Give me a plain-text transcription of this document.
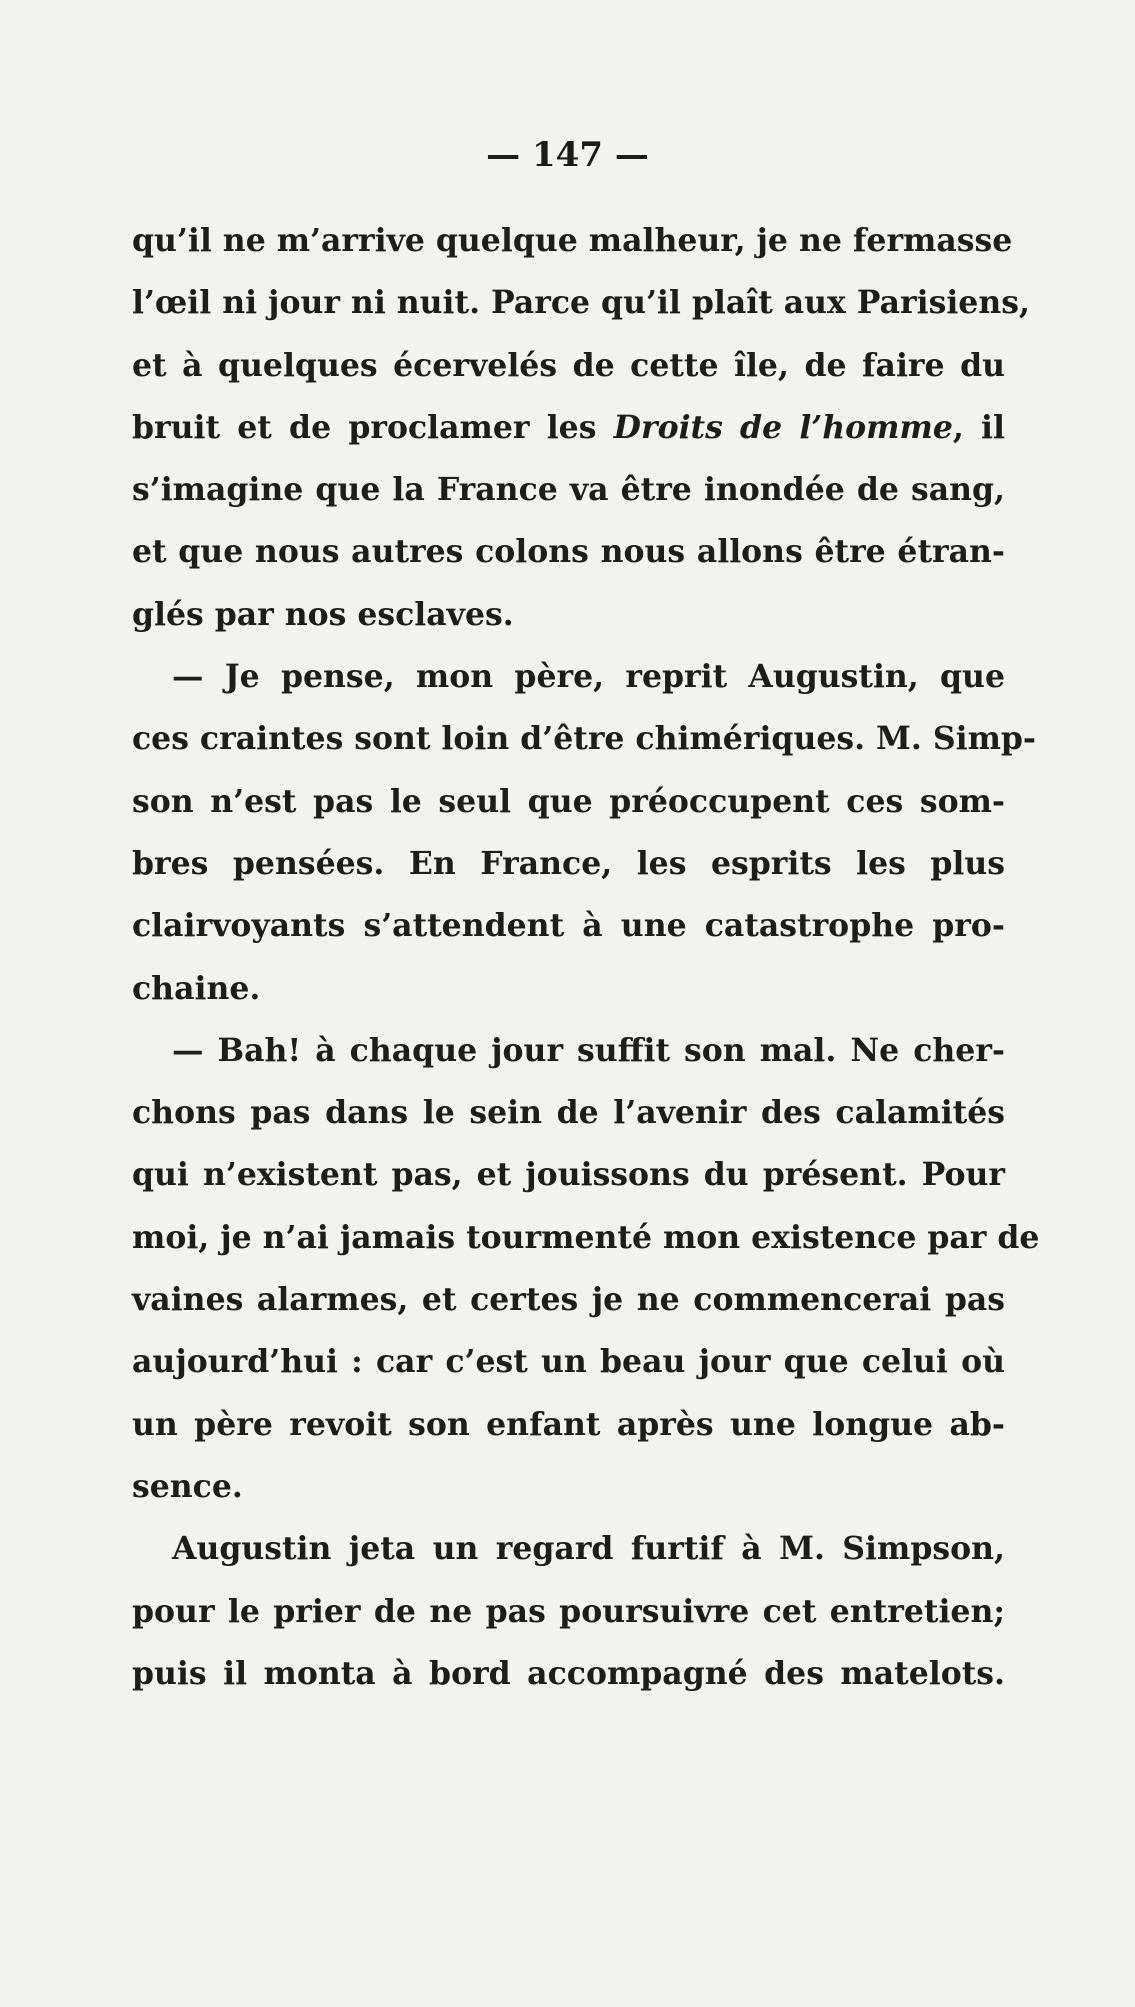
— 147 —
qu’il ne m’arrive quelque malheur, je ne fermasse
l’œil ni jour ni nuit. Parce qu’il plaît aux Parisiens,
et à quelques écervelés de cette île, de faire du
bruit et de proclamer les Droits de l’homme, il
s’imagine que la France va être inondée de sang,
et que nous autres colons nous allons être étran-
glés par nos esclaves.
— Je pense, mon père, reprit Augustin, que
ces craintes sont loin d’être chimériques. M. Simp-
son n’est pas le seul que préoccupent ces som-
bres pensées. En France, les esprits les plus
clairvoyants s’attendent à une catastrophe pro-
chaine.
— Bah! à chaque jour suffit son mal. Ne cher-
chons pas dans le sein de l’avenir des calamités
qui n’existent pas, et jouissons du présent. Pour
moi, je n’ai jamais tourmenté mon existence par de
vaines alarmes, et certes je ne commencerai pas
aujourd’hui : car c’est un beau jour que celui où
un père revoit son enfant après une longue ab-
sence.
Augustin jeta un regard furtif à M. Simpson,
pour le prier de ne pas poursuivre cet entretien;
puis il monta à bord accompagné des matelots.
